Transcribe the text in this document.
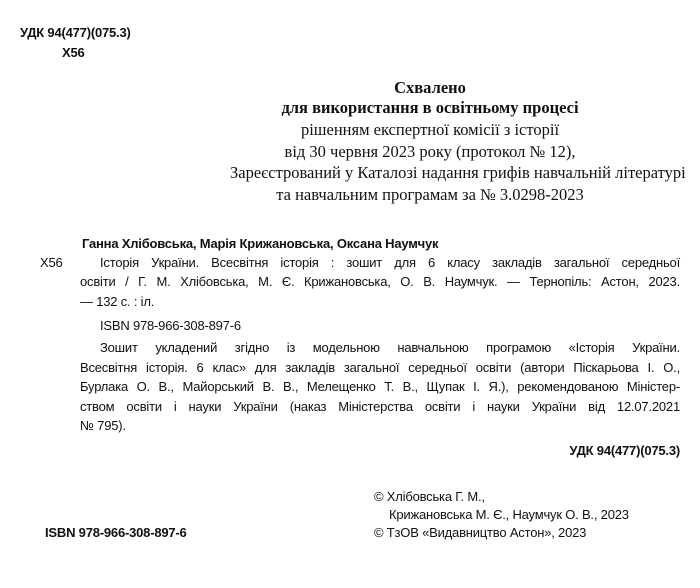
УДК 94(477)(075.3)
Х56
Схвалено
для використання в освітньому процесі
рішенням експертної комісії з історії
від 30 червня 2023 року (протокол № 12),
Зареєстрований у Каталозі надання грифів навчальній літературі
та навчальним програмам за № 3.0298-2023
Ганна Хлібовська, Марія Крижановська, Оксана Наумчук
Х56	Історія України. Всесвітня історія : зошит для 6 класу закладів загальної середньої
освіти / Г. М. Хлібовська, М. Є. Крижановська, О. В. Наумчук. — Тернопіль: Астон, 2023.
— 132 с. : іл.
ISBN 978-966-308-897-6
Зошит укладений згідно із модельною навчальною програмою «Історія України.
Всесвітня історія. 6 клас» для закладів загальної середньої освіти (автори Піскарьова І. О.,
Бурлака О. В., Майорський В. В., Мелещенко Т. В., Щупак І. Я.), рекомендованою Міністер-
ством освіти і науки України (наказ Міністерства освіти і науки України від 12.07.2021
№ 795).
УДК 94(477)(075.3)
ISBN 978-966-308-897-6
© Хлібовська Г. М.,
Крижановська М. Є., Наумчук О. В., 2023
© ТзОВ «Видавництво Астон», 2023
